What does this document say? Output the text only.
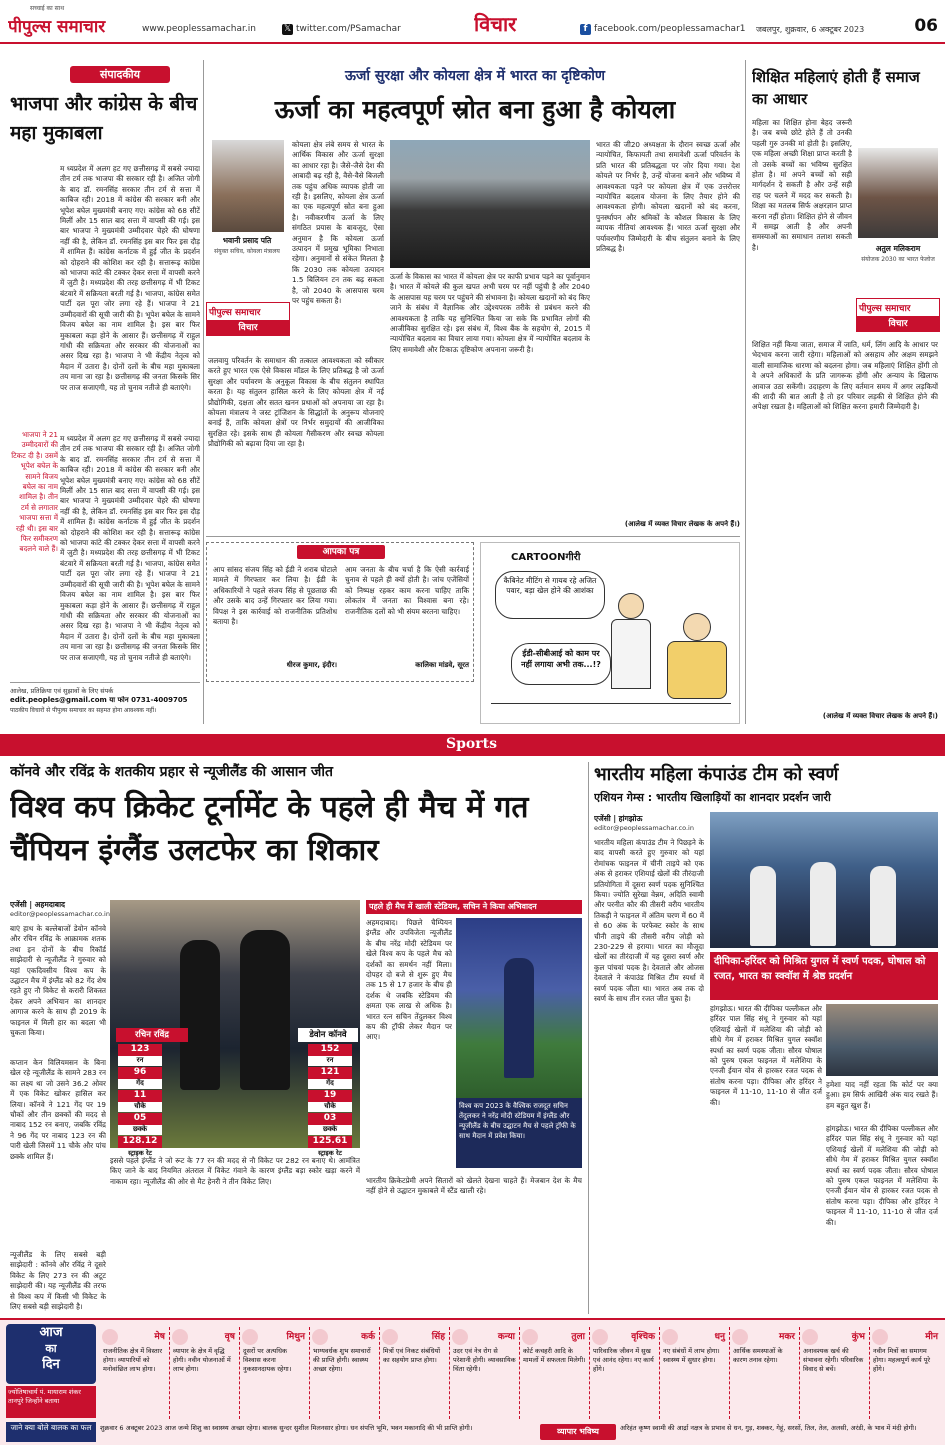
पीपुल्स समाचार
सच्चाई का साथ
www.peoplessamachar.in	𝕏 twitter.com/PSamachar	विचार	f facebook.com/peoplessamachar1	जबलपुर, शुक्रवार, 6 अक्टूबर 2023	06
संपादकीय
भाजपा और कांग्रेस के बीच महा मुकाबला
म ध्यप्रदेश में अलग हट गए छत्तीसगढ़ में सबसे ज्यादा तीन टर्म तक भाजपा की सरकार रही है। अजित जोगी के बाद डॉ. रमनसिंह सरकार तीन टर्म से सत्ता में काबिज रही। 2018 में कांग्रेस की सरकार बनी और भूपेश बघेल मुख्यमंत्री बनाए गए। कांग्रेस को 68 सीटें मिलीं और 15 साल बाद सत्ता में वापसी की गई। इस बार भाजपा ने मुख्यमंत्री उम्मीदवार चेहरे की घोषणा नहीं की है, लेकिन डॉ. रमनसिंह इस बार फिर इस दौड़ में शामिल हैं। कांग्रेस कर्नाटक में हुई जीत के प्रदर्शन को दोहराने की कोशिश कर रही है। सत्तारूढ़ कांग्रेस को भाजपा कांटे की टक्कर देकर सत्ता में वापसी करने में जुटी है। मध्यप्रदेश की तरह छत्तीसगढ़ में भी टिकट बंटवारे में सक्रियता बरती गई है। भाजपा, कांग्रेस समेत पार्टी दल पूरा जोर लगा रहे हैं। भाजपा ने 21 उम्मीदवारों की सूची जारी की है। भूपेश बघेल के सामने विजय बघेल का नाम शामिल है। इस बार फिर मुकाबला कड़ा होने के आसार हैं। छत्तीसगढ़ में राहुल गांधी की सक्रियता और सरकार की योजनाओं का असर दिख रहा है। भाजपा ने भी केंद्रीय नेतृत्व को मैदान में उतारा है। दोनों दलों के बीच महा मुकाबला तय माना जा रहा है। छत्तीसगढ़ की जनता किसके सिर पर ताज सजाएगी, यह तो चुनाव नतीजे ही बताएंगे।
भाजपा ने 21 उम्मीदवारों की टिकट दी है। उसमें भूपेश बघेल के सामने विजय बघेल का नाम शामिल है। तीन टर्म से लगातार भाजपा सत्ता में रही थी। इस बार फिर समीकरण बदलने वाले हैं।
म ध्यप्रदेश में अलग हट गए छत्तीसगढ़ में सबसे ज्यादा तीन टर्म तक भाजपा की सरकार रही है। अजित जोगी के बाद डॉ. रमनसिंह सरकार तीन टर्म से सत्ता में काबिज रही। 2018 में कांग्रेस की सरकार बनी और भूपेश बघेल मुख्यमंत्री बनाए गए। कांग्रेस को 68 सीटें मिलीं और 15 साल बाद सत्ता में वापसी की गई। इस बार भाजपा ने मुख्यमंत्री उम्मीदवार चेहरे की घोषणा नहीं की है, लेकिन डॉ. रमनसिंह इस बार फिर इस दौड़ में शामिल हैं। कांग्रेस कर्नाटक में हुई जीत के प्रदर्शन को दोहराने की कोशिश कर रही है। सत्तारूढ़ कांग्रेस को भाजपा कांटे की टक्कर देकर सत्ता में वापसी करने में जुटी है। मध्यप्रदेश की तरह छत्तीसगढ़ में भी टिकट बंटवारे में सक्रियता बरती गई है। भाजपा, कांग्रेस समेत पार्टी दल पूरा जोर लगा रहे हैं। भाजपा ने 21 उम्मीदवारों की सूची जारी की है। भूपेश बघेल के सामने विजय बघेल का नाम शामिल है। इस बार फिर मुकाबला कड़ा होने के आसार हैं। छत्तीसगढ़ में राहुल गांधी की सक्रियता और सरकार की योजनाओं का असर दिख रहा है। भाजपा ने भी केंद्रीय नेतृत्व को मैदान में उतारा है। दोनों दलों के बीच महा मुकाबला तय माना जा रहा है। छत्तीसगढ़ की जनता किसके सिर पर ताज सजाएगी, यह तो चुनाव नतीजे ही बताएंगे।
आलेख, प्रतिक्रिया एवं सुझावों के लिए संपर्क
edit.peoples@gmail.com या फोन 0731-4009705
पाठकीय विचारों से पीपुल्स समाचार का सहमत होना आवश्यक नहीं।
ऊर्जा सुरक्षा और कोयला क्षेत्र में भारत का दृष्टिकोण
ऊर्जा का महत्वपूर्ण स्रोत बना हुआ है कोयला
भवानी प्रसाद पति
संयुक्त सचिव, कोयला मंत्रालय
पीपुल्स समाचार
विचार
कोयला क्षेत्र लंबे समय से भारत के आर्थिक विकास और ऊर्जा सुरक्षा का आधार रहा है। जैसे-जैसे देश की आबादी बढ़ रही है, वैसे-वैसे बिजली तक पहुंच अधिक व्यापक होती जा रही है। इसलिए, कोयला क्षेत्र ऊर्जा का एक महत्वपूर्ण स्रोत बना हुआ है। नवीकरणीय ऊर्जा के लिए संगठित प्रयास के बावजूद, ऐसा अनुमान है कि कोयला ऊर्जा उत्पादन में प्रमुख भूमिका निभाता रहेगा। अनुमानों से संकेत मिलता है कि 2030 तक कोयला उत्पादन 1.5 बिलियन टन तक बढ़ सकता है, जो 2040 के आसपास चरम पर पहुंच सकता है।
जलवायु परिवर्तन के समाधान की तत्काल आवश्यकता को स्वीकार करते हुए भारत एक ऐसे विकास मॉडल के लिए प्रतिबद्ध है जो ऊर्जा सुरक्षा और पर्यावरण के अनुकूल विकास के बीच संतुलन स्थापित करता है। यह संतुलन हासिल करने के लिए कोयला क्षेत्र में नई प्रौद्योगिकी, दक्षता और सतत खनन प्रथाओं को अपनाया जा रहा है। कोयला मंत्रालय ने जस्ट ट्रांजिशन के सिद्धांतों के अनुरूप योजनाएं बनाई हैं, ताकि कोयला क्षेत्रों पर निर्भर समुदायों की आजीविका सुरक्षित रहे। इसके साथ ही कोयला गैसीकरण और स्वच्छ कोयला प्रौद्योगिकी को बढ़ावा दिया जा रहा है।
ऊर्जा के विकास का भारत में कोयला क्षेत्र पर काफी प्रभाव पड़ने का पूर्वानुमान है। भारत में कोयले की कुल खपत अभी चरम पर नहीं पहुंची है और 2040 के आसपास यह चरम पर पहुंचने की संभावना है। कोयला खदानों को बंद किए जाने के संबंध में वैज्ञानिक और उद्देश्यपरक तरीके से प्रबंधन करने की आवश्यकता है ताकि यह सुनिश्चित किया जा सके कि प्रभावित लोगों की आजीविका सुरक्षित रहे। इस संबंध में, विश्व बैंक के सहयोग से, 2015 में न्यायोचित बदलाव का विचार लाया गया। कोयला क्षेत्र में न्यायोचित बदलाव के लिए समावेशी और टिकाऊ दृष्टिकोण अपनाना जरूरी है।
भारत की जी20 अध्यक्षता के दौरान स्वच्छ ऊर्जा और न्यायोचित, किफायती तथा समावेशी ऊर्जा परिवर्तन के प्रति भारत की प्रतिबद्धता पर जोर दिया गया। देश कोयले पर निर्भर है, उन्हें योजना बनाने और भविष्य में आवश्यकता पड़ने पर कोयला क्षेत्र में एक उत्तरोत्तर न्यायोचित बदलाव योजना के लिए तैयार होने की आवश्यकता होगी। कोयला खदानों को बंद करना, पुनर्स्थापन और श्रमिकों के कौशल विकास के लिए व्यापक नीतियां आवश्यक हैं। भारत ऊर्जा सुरक्षा और पर्यावरणीय जिम्मेदारी के बीच संतुलन बनाने के लिए प्रतिबद्ध है।
(आलेख में व्यक्त विचार लेखक के अपने हैं।)
आपका पत्र
आप सांसद संजय सिंह को ईडी ने शराब घोटाले मामले में गिरफ्तार कर लिया है। ईडी के अधिकारियों ने पहले संजय सिंह से पूछताछ की और उसके बाद उन्हें गिरफ्तार कर लिया गया। विपक्ष ने इस कार्रवाई को राजनीतिक प्रतिशोध बताया है।
धीरज कुमार, इंदौर।
आम जनता के बीच चर्चा है कि ऐसी कार्रवाई चुनाव से पहले ही क्यों होती है। जांच एजेंसियों को निष्पक्ष रहकर काम करना चाहिए ताकि लोकतंत्र में जनता का विश्वास बना रहे। राजनीतिक दलों को भी संयम बरतना चाहिए।
कालिका मांडवे, सूरत
CARTOONगीरी
कैबिनेट मीटिंग से गायब रहे अजित पवार, बड़ा खेल होने की आशंका
ईडी-सीबीआई को काम पर नहीं लगाया अभी तक...!?
शिक्षित महिलाएं होती हैं समाज का आधार
महिला का शिक्षित होना बेहद जरूरी है। जब बच्चे छोटे होते हैं तो उनकी पहली गुरु उनकी मां होती है। इसलिए, एक महिला अच्छी शिक्षा प्राप्त करती है तो उसके बच्चों का भविष्य सुरक्षित होता है। मां अपने बच्चों को सही मार्गदर्शन दे सकती है और उन्हें सही राह पर चलने में मदद कर सकती है। शिक्षा का मतलब सिर्फ अक्षरज्ञान प्राप्त करना नहीं होता। शिक्षित होने से जीवन में समझ आती है और अपनी समस्याओं का समाधान तलाश सकती है।	अतुल मलिकराम
संयोजक 2030 का भारत फेलोज
पीपुल्स समाचार
विचार
शिक्षित नहीं किया जाता, समाज में जाति, धर्म, लिंग आदि के आधार पर भेदभाव करना जारी रहेगा। महिलाओं को असहाय और अक्षम समझने वाली सामाजिक धारणा को बदलना होगा। जब महिलाएं शिक्षित होंगी तो वे अपने अधिकारों के प्रति जागरूक होंगी और अन्याय के खिलाफ आवाज उठा सकेंगी। उदाहरण के लिए वर्तमान समय में अगर लड़कियों की शादी की बात आती है तो हर परिवार लड़की से शिक्षित होने की अपेक्षा रखता है। महिलाओं को शिक्षित करना हमारी जिम्मेदारी है।
(आलेख में व्यक्त विचार लेखक के अपने हैं।)
Sports
कॉनवे और रविंद्र के शतकीय प्रहार से न्यूजीलैंड की आसान जीत
विश्व कप क्रिकेट टूर्नामेंट के पहले ही मैच में गत चैंपियन इंग्लैंड उलटफेर का शिकार
एजेंसी | अहमदाबाद
editor@peoplessamachar.co.in
बाएं हाथ के बल्लेबाजों डेवोन कॉनवे और रचिन रविंद्र के आक्रामक शतक तथा इन दोनों के बीच रिकॉर्ड साझेदारी से न्यूजीलैंड ने गुरुवार को यहां एकदिवसीय विश्व कप के उद्घाटन मैच में इंग्लैंड को 82 गेंद शेष रहते हुए नौ विकेट से करारी शिकस्त देकर अपने अभियान का शानदार आगाज करने के साथ ही 2019 के फाइनल में मिली हार का बदला भी चुकता किया।	रचिन रविंद्र	डेवोन कॉनवे
123
रन
96
गेंद
11
चौके
05
छक्के
128.12
स्ट्राइक रेट
152
रन
121
गेंद
19
चौके
03
छक्के
125.61
स्ट्राइक रेट
कप्तान केन विलियमसन के बिना खेल रहे न्यूजीलैंड के सामने 283 रन का लक्ष्य था जो उसने 36.2 ओवर में एक विकेट खोकर हासिल कर लिया। कॉनवे ने 121 गेंद पर 19 चौकों और तीन छक्कों की मदद से नाबाद 152 रन बनाए, जबकि रविंद्र ने 96 गेंद पर नाबाद 123 रन की पारी खेली जिसमें 11 चौके और पांच छक्के शामिल हैं।
न्यूजीलैंड के लिए सबसे बड़ी साझेदारी : कॉनवे और रविंद्र ने दूसरे विकेट के लिए 273 रन की अटूट साझेदारी की। यह न्यूजीलैंड की तरफ से विश्व कप में किसी भी विकेट के लिए सबसे बड़ी साझेदारी है।
इससे पहले इंग्लैंड ने जो रूट के 77 रन की मदद से नौ विकेट पर 282 रन बनाए थे। आमंत्रित किए जाने के बाद नियमित अंतराल में विकेट गंवाने के कारण इंग्लैंड बड़ा स्कोर खड़ा करने में नाकाम रहा। न्यूजीलैंड की ओर से मैट हेनरी ने तीन विकेट लिए।
पहले ही मैच में खाली स्टेडियम, सचिन ने किया अभिवादन
अहमदाबाद। पिछले चैम्पियन इंग्लैंड और उपविजेता न्यूजीलैंड के बीच नरेंद्र मोदी स्टेडियम पर खेले विश्व कप के पहले मैच को दर्शकों का समर्थन नहीं मिला। दोपहर दो बजे से शुरू हुए मैच तक 15 से 17 हजार के बीच ही दर्शक थे जबकि स्टेडियम की क्षमता एक लाख से अधिक है। भारत रत्न सचिन तेंदुलकर विश्व कप की ट्रॉफी लेकर मैदान पर आए।
विश्व कप 2023 के वैश्विक राजदूत सचिन तेंदुलकर ने नरेंद्र मोदी स्टेडियम में इंग्लैंड और न्यूजीलैंड के बीच उद्घाटन मैच से पहले ट्रॉफी के साथ मैदान में प्रवेश किया।
भारतीय क्रिकेटप्रेमी अपने सितारों को खेलते देखना चाहते हैं। मेजबान देश के मैच नहीं होने से उद्घाटन मुकाबले में स्टैंड खाली रहे।
भारतीय महिला कंपाउंड टीम को स्वर्ण
एशियन गेम्स : भारतीय खिलाड़ियों का शानदार प्रदर्शन जारी
एजेंसी | हांगझोऊ
editor@peoplessamachar.co.in
भारतीय महिला कंपाउंड टीम ने पिछड़ने के बाद वापसी करते हुए गुरुवार को यहां रोमांचक फाइनल में चीनी ताइपे को एक अंक से हराकर एशियाई खेलों की तीरंदाजी प्रतियोगिता में दूसरा स्वर्ण पदक सुनिश्चित किया। ज्योति सुरेखा वेन्नम, अदिति स्वामी और परनीत कौर की तीसरी वरीय भारतीय तिकड़ी ने फाइनल में अंतिम चरण में 60 में से 60 अंक के परफेक्ट स्कोर के साथ चीनी ताइपे की तीसरी वरीय जोड़ी को 230-229 से हराया। भारत का मौजूदा खेलों का तीरंदाजी में यह दूसरा स्वर्ण और कुल पांचवां पदक है। देवताले और ओजस देवताले ने कंपाउंड मिश्रित टीम स्पर्धा में स्वर्ण पदक जीता था। भारत अब तक दो स्वर्ण के साथ तीन रजत जीत चुका है।
दीपिका-हरिंदर को मिश्रित युगल में स्वर्ण पदक, घोषाल को रजत, भारत का स्क्वॉश में श्रेष्ठ प्रदर्शन
हांगझोऊ। भारत की दीपिका पल्लीकल और हरिंदर पाल सिंह संधू ने गुरुवार को यहां एशियाई खेलों में मलेशिया की जोड़ी को सीधे गेम में हराकर मिश्रित युगल स्क्वॉश स्पर्धा का स्वर्ण पदक जीता। सौरव घोषाल को पुरुष एकल फाइनल में मलेशिया के एनजी ईयान योव से हारकर रजत पदक से संतोष करना पड़ा। दीपिका और हरिंदर ने फाइनल में 11-10, 11-10 से जीत दर्ज की।
हमेशा याद नहीं रहता कि कोर्ट पर क्या हुआ। हम सिर्फ आखिरी अंक याद रखते हैं। हम बहुत खुश हैं।
हांगझोऊ। भारत की दीपिका पल्लीकल और हरिंदर पाल सिंह संधू ने गुरुवार को यहां एशियाई खेलों में मलेशिया की जोड़ी को सीधे गेम में हराकर मिश्रित युगल स्क्वॉश स्पर्धा का स्वर्ण पदक जीता। सौरव घोषाल को पुरुष एकल फाइनल में मलेशिया के एनजी ईयान योव से हारकर रजत पदक से संतोष करना पड़ा। दीपिका और हरिंदर ने फाइनल में 11-10, 11-10 से जीत दर्ज की।
आज
का
दिन
ज्योतिषाचार्य पं. मायाराम शंकर तानपुरे जिन्होंने बताया
जाने क्या बोले बालक का फल	शुक्रवार 6 अक्टूबर 2023 आज जन्मे शिशु का स्वास्थ्य अच्छा रहेगा। बालक सुन्दर सुशील मिलनसार होगा। धन संपत्ति भूमि, भवन मकानादि की भी प्राप्ति होगी।	व्यापार भविष्य	अरिहंत कृष्ण स्वामी की आर्द्रा नक्षत्र के प्रभाव से धन, गुड़, शक्कर, गेहूं, सरसों, तिल, तेल, अलसी, अरंडी, के भाव में मंदी होगी।
मेष
राजनीतिक क्षेत्र में विस्तार होगा। व्यापारियों को मनोवांछित लाभ होगा।
वृष
व्यापार के क्षेत्र में वृद्धि होगी। नवीन योजनाओं में लाभ होगा।
मिथुन
दूसरों पर अत्यधिक विश्वास करना नुकसानदायक रहेगा।
कर्क
भाग्यवर्धक शुभ समाचारों की प्राप्ति होगी। स्वास्थ्य अच्छा रहेगा।
सिंह
मित्रों एवं निकट संबंधियों का सहयोग प्राप्त होगा।
कन्या
उदर एवं नेत्र रोग से परेशानी होगी। व्यावसायिक चिंता रहेगी।
तुला
कोर्ट कचहरी आदि के मामलों में सफलता मिलेगी।
वृश्चिक
पारिवारिक जीवन में सुख एवं आनंद रहेगा। नए कार्य होंगे।
धनु
नए संबंधों में लाभ होगा। स्वास्थ्य में सुधार होगा।
मकर
आर्थिक समस्याओं के कारण तनाव रहेगा।
कुंभ
अनावश्यक खर्च की संभावना रहेगी। परिवारिक विवाद से बचें।
मीन
नवीन मित्रों का समागम होगा। महत्वपूर्ण कार्य पूरे होंगे।
